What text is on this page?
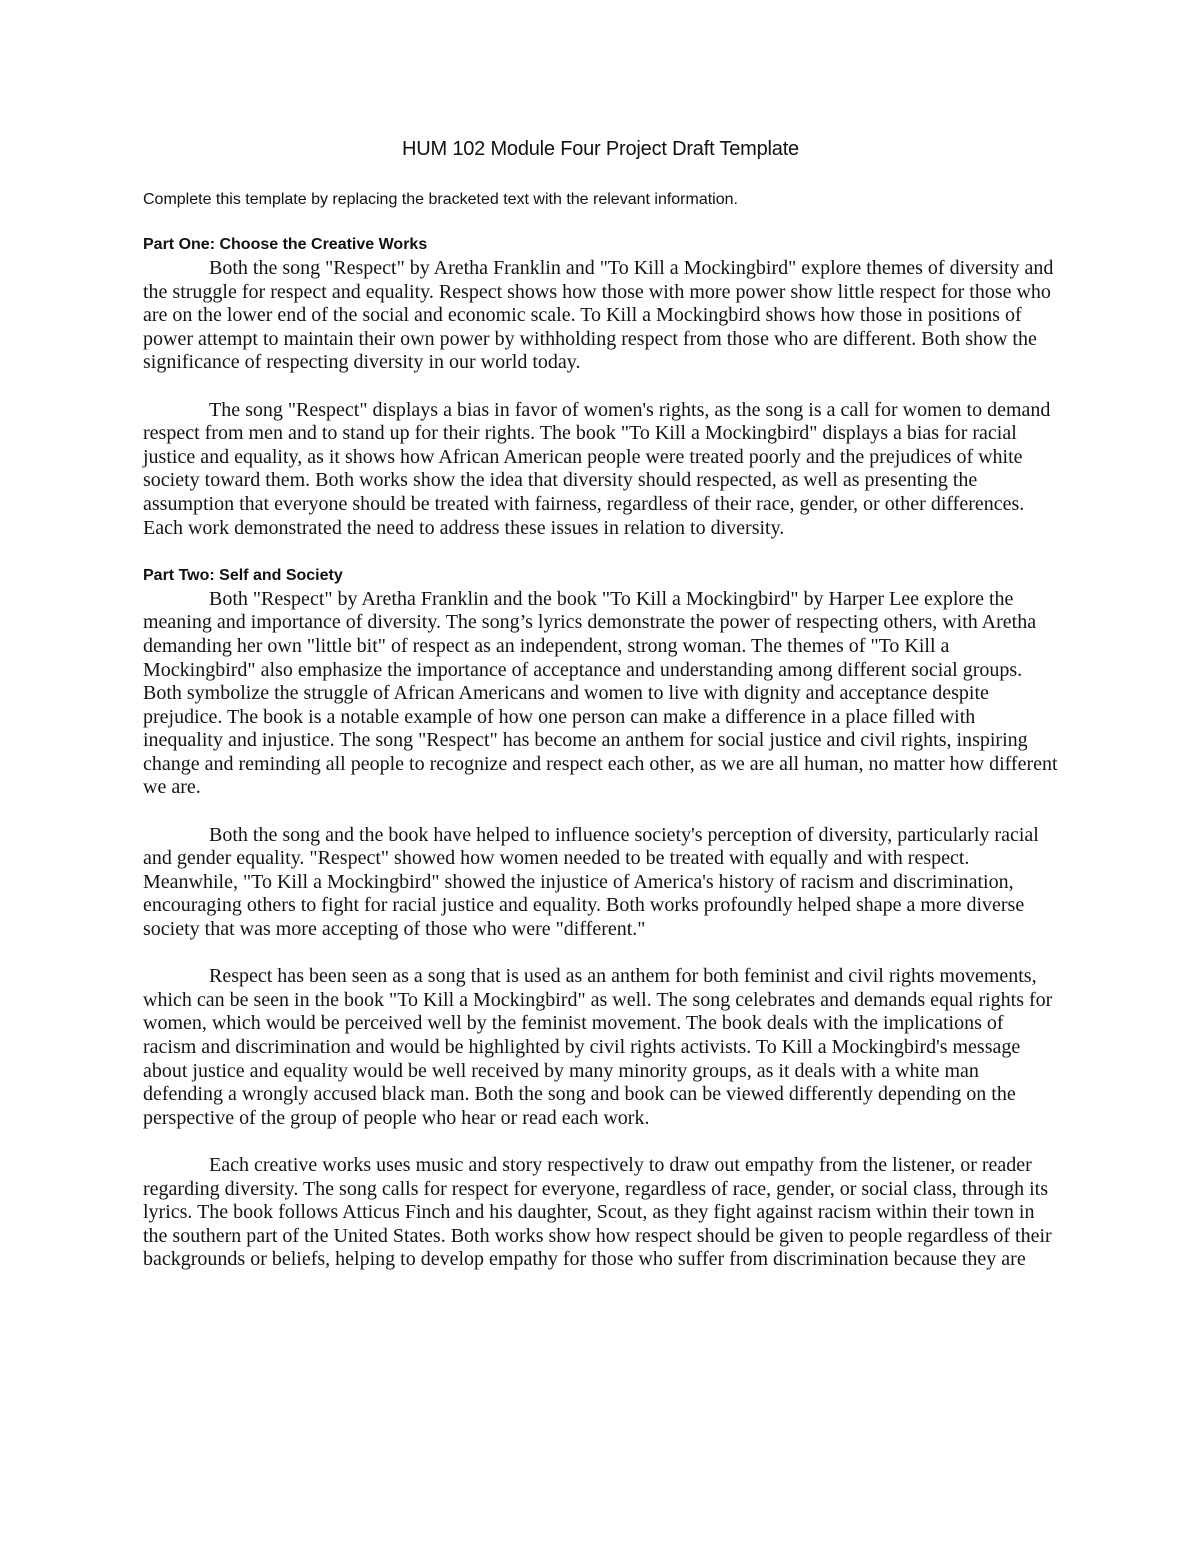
HUM 102 Module Four Project Draft Template
Complete this template by replacing the bracketed text with the relevant information.
Part One: Choose the Creative Works

Both the song "Respect" by Aretha Franklin and "To Kill a Mockingbird" explore themes of diversity and the struggle for respect and equality. Respect shows how those with more power show little respect for those who are on the lower end of the social and economic scale. To Kill a Mockingbird shows how those in positions of power attempt to maintain their own power by withholding respect from those who are different. Both show the significance of respecting diversity in our world today.

The song "Respect" displays a bias in favor of women's rights, as the song is a call for women to demand respect from men and to stand up for their rights. The book "To Kill a Mockingbird" displays a bias for racial justice and equality, as it shows how African American people were treated poorly and the prejudices of white society toward them. Both works show the idea that diversity should respected, as well as presenting the assumption that everyone should be treated with fairness, regardless of their race, gender, or other differences. Each work demonstrated the need to address these issues in relation to diversity.

Part Two: Self and Society

Both "Respect" by Aretha Franklin and the book "To Kill a Mockingbird" by Harper Lee explore the meaning and importance of diversity. The song’s lyrics demonstrate the power of respecting others, with Aretha demanding her own "little bit" of respect as an independent, strong woman. The themes of "To Kill a Mockingbird" also emphasize the importance of acceptance and understanding among different social groups. Both symbolize the struggle of African Americans and women to live with dignity and acceptance despite prejudice. The book is a notable example of how one person can make a difference in a place filled with inequality and injustice. The song "Respect" has become an anthem for social justice and civil rights, inspiring change and reminding all people to recognize and respect each other, as we are all human, no matter how different we are.

Both the song and the book have helped to influence society's perception of diversity, particularly racial and gender equality. "Respect" showed how women needed to be treated with equally and with respect. Meanwhile, "To Kill a Mockingbird" showed the injustice of America's history of racism and discrimination, encouraging others to fight for racial justice and equality. Both works profoundly helped shape a more diverse society that was more accepting of those who were "different."

Respect has been seen as a song that is used as an anthem for both feminist and civil rights movements, which can be seen in the book "To Kill a Mockingbird" as well. The song celebrates and demands equal rights for women, which would be perceived well by the feminist movement. The book deals with the implications of racism and discrimination and would be highlighted by civil rights activists. To Kill a Mockingbird's message about justice and equality would be well received by many minority groups, as it deals with a white man defending a wrongly accused black man. Both the song and book can be viewed differently depending on the perspective of the group of people who hear or read each work.

Each creative works uses music and story respectively to draw out empathy from the listener, or reader regarding diversity. The song calls for respect for everyone, regardless of race, gender, or social class, through its lyrics. The book follows Atticus Finch and his daughter, Scout, as they fight against racism within their town in the southern part of the United States. Both works show how respect should be given to people regardless of their backgrounds or beliefs, helping to develop empathy for those who suffer from discrimination because they are
